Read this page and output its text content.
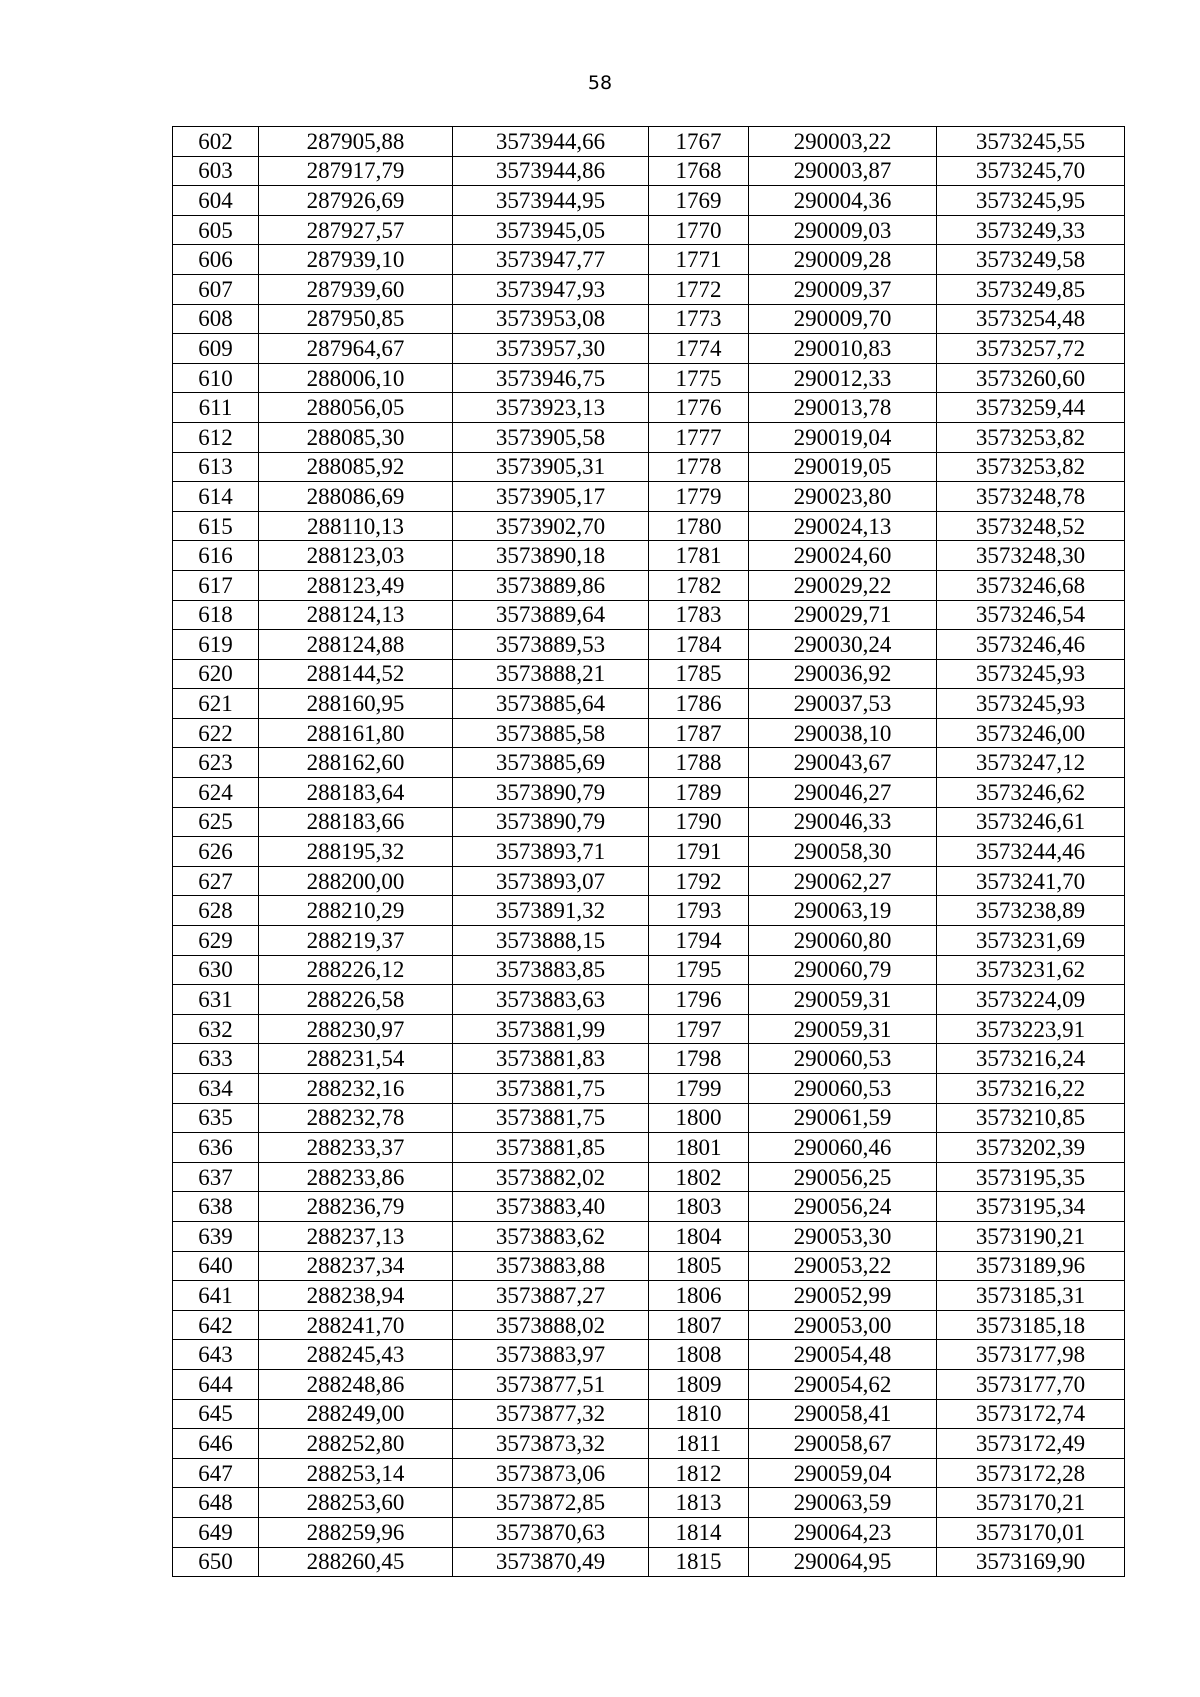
58
602	287905,88	3573944,66	1767	290003,22	3573245,55
603	287917,79	3573944,86	1768	290003,87	3573245,70
604	287926,69	3573944,95	1769	290004,36	3573245,95
605	287927,57	3573945,05	1770	290009,03	3573249,33
606	287939,10	3573947,77	1771	290009,28	3573249,58
607	287939,60	3573947,93	1772	290009,37	3573249,85
608	287950,85	3573953,08	1773	290009,70	3573254,48
609	287964,67	3573957,30	1774	290010,83	3573257,72
610	288006,10	3573946,75	1775	290012,33	3573260,60
611	288056,05	3573923,13	1776	290013,78	3573259,44
612	288085,30	3573905,58	1777	290019,04	3573253,82
613	288085,92	3573905,31	1778	290019,05	3573253,82
614	288086,69	3573905,17	1779	290023,80	3573248,78
615	288110,13	3573902,70	1780	290024,13	3573248,52
616	288123,03	3573890,18	1781	290024,60	3573248,30
617	288123,49	3573889,86	1782	290029,22	3573246,68
618	288124,13	3573889,64	1783	290029,71	3573246,54
619	288124,88	3573889,53	1784	290030,24	3573246,46
620	288144,52	3573888,21	1785	290036,92	3573245,93
621	288160,95	3573885,64	1786	290037,53	3573245,93
622	288161,80	3573885,58	1787	290038,10	3573246,00
623	288162,60	3573885,69	1788	290043,67	3573247,12
624	288183,64	3573890,79	1789	290046,27	3573246,62
625	288183,66	3573890,79	1790	290046,33	3573246,61
626	288195,32	3573893,71	1791	290058,30	3573244,46
627	288200,00	3573893,07	1792	290062,27	3573241,70
628	288210,29	3573891,32	1793	290063,19	3573238,89
629	288219,37	3573888,15	1794	290060,80	3573231,69
630	288226,12	3573883,85	1795	290060,79	3573231,62
631	288226,58	3573883,63	1796	290059,31	3573224,09
632	288230,97	3573881,99	1797	290059,31	3573223,91
633	288231,54	3573881,83	1798	290060,53	3573216,24
634	288232,16	3573881,75	1799	290060,53	3573216,22
635	288232,78	3573881,75	1800	290061,59	3573210,85
636	288233,37	3573881,85	1801	290060,46	3573202,39
637	288233,86	3573882,02	1802	290056,25	3573195,35
638	288236,79	3573883,40	1803	290056,24	3573195,34
639	288237,13	3573883,62	1804	290053,30	3573190,21
640	288237,34	3573883,88	1805	290053,22	3573189,96
641	288238,94	3573887,27	1806	290052,99	3573185,31
642	288241,70	3573888,02	1807	290053,00	3573185,18
643	288245,43	3573883,97	1808	290054,48	3573177,98
644	288248,86	3573877,51	1809	290054,62	3573177,70
645	288249,00	3573877,32	1810	290058,41	3573172,74
646	288252,80	3573873,32	1811	290058,67	3573172,49
647	288253,14	3573873,06	1812	290059,04	3573172,28
648	288253,60	3573872,85	1813	290063,59	3573170,21
649	288259,96	3573870,63	1814	290064,23	3573170,01
650	288260,45	3573870,49	1815	290064,95	3573169,90
